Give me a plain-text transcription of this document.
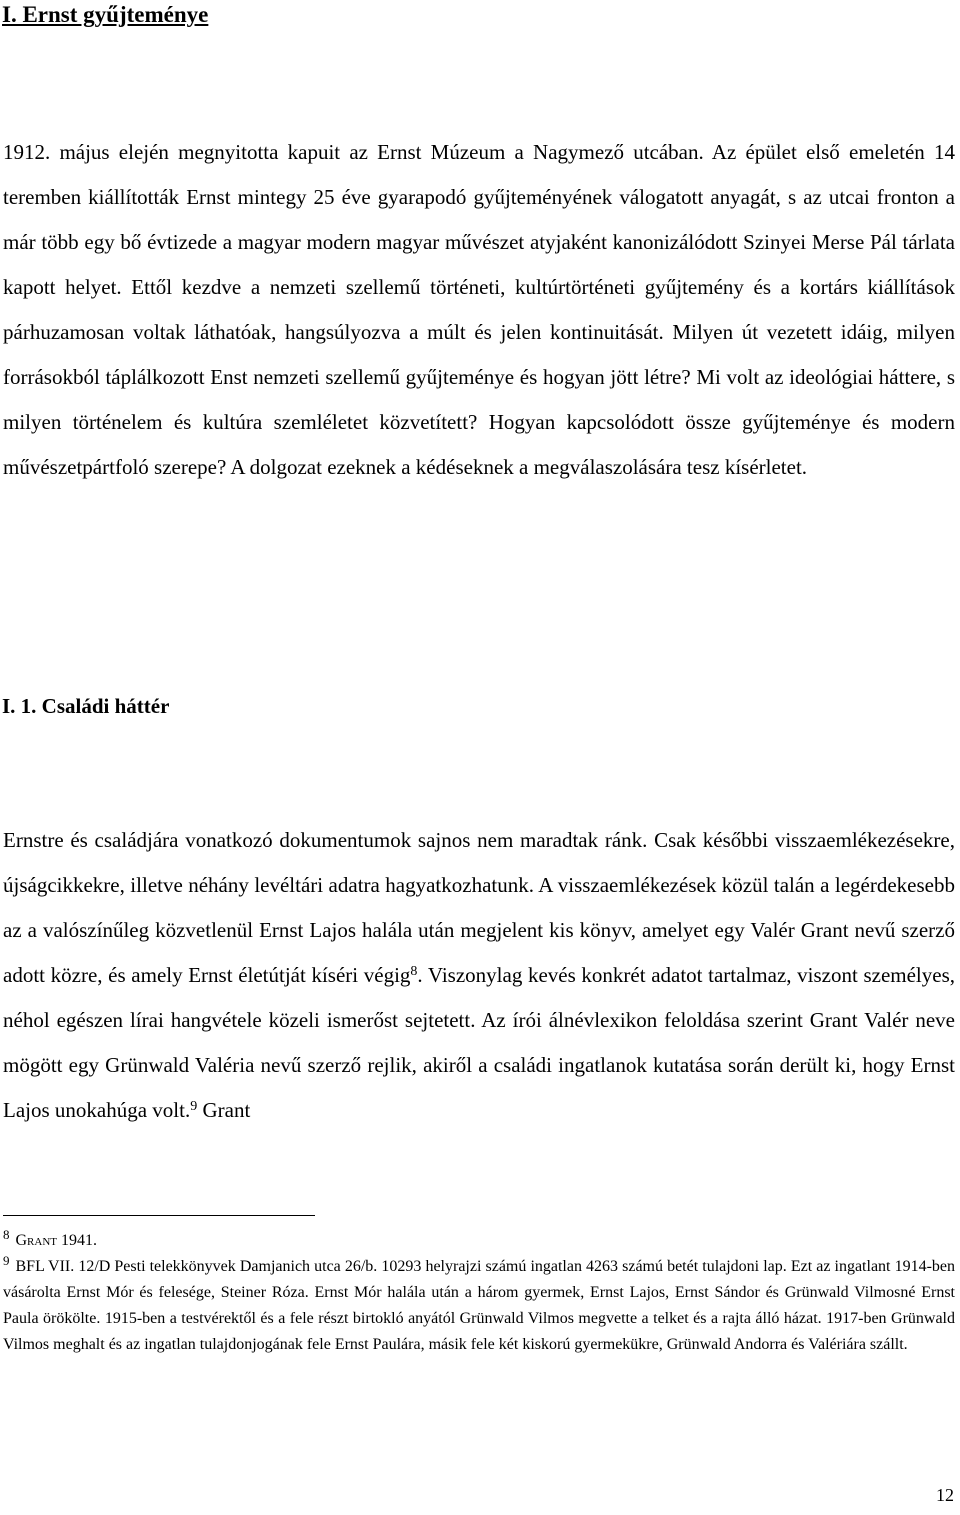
I. Ernst gyűjteménye

1912. május elején megnyitotta kapuit az Ernst Múzeum a Nagymező utcában. Az épület első emeletén 14 teremben kiállították Ernst mintegy 25 éve gyarapodó gyűjteményének válogatott anyagát, s az utcai fronton a már több egy bő évtizede a magyar modern magyar művészet atyjaként kanonizálódott Szinyei Merse Pál tárlata kapott helyet. Ettől kezdve a nemzeti szellemű történeti, kultúrtörténeti gyűjtemény és a kortárs kiállítások párhuzamosan voltak láthatóak, hangsúlyozva a múlt és jelen kontinuitását. Milyen út vezetett idáig, milyen forrásokból táplálkozott Enst nemzeti szellemű gyűjteménye és hogyan jött létre? Mi volt az ideológiai háttere, s milyen történelem és kultúra szemléletet közvetített? Hogyan kapcsolódott össze gyűjteménye és modern művészetpártfoló szerepe? A dolgozat ezeknek a kédéseknek a megválaszolására tesz kísérletet.

I. 1. Családi háttér

Ernstre és családjára vonatkozó dokumentumok sajnos nem maradtak ránk. Csak későbbi visszaemlékezésekre, újságcikkekre, illetve néhány levéltári adatra hagyatkozhatunk. A visszaemlékezések közül talán a legérdekesebb az a valószínűleg közvetlenül Ernst Lajos halála után megjelent kis könyv, amelyet egy Valér Grant nevű szerző adott közre, és amely Ernst életútját kíséri végig$^8$. Viszonylag kevés konkrét adatot tartalmaz, viszont személyes, néhol egészen lírai hangvétele közeli ismerőst sejtetett. Az írói álnévlexikon feloldása szerint Grant Valér neve mögött egy Grünwald Valéria nevű szerző rejlik, akiről a családi ingatlanok kutatása során derült ki, hogy Ernst Lajos unokahúga volt.$^9$ Grant

$^8$ Grant 1941.

$^9$ BFL VII. 12/D Pesti telekkönyvek Damjanich utca 26/b. 10293 helyrajzi számú ingatlan 4263 számú betét tulajdoni lap. Ezt az ingatlant 1914-ben vásárolta Ernst Mór és felesége, Steiner Róza. Ernst Mór halála után a három gyermek, Ernst Lajos, Ernst Sándor és Grünwald Vilmosné Ernst Paula örökölte. 1915-ben a testvérektől és a fele részt birtokló anyától Grünwald Vilmos megvette a telket és a rajta álló házat. 1917-ben Grünwald Vilmos meghalt és az ingatlan tulajdonjogának fele Ernst Paulára, másik fele két kiskorú gyermekükre, Grünwald Andorra és Valériára szállt.

12
